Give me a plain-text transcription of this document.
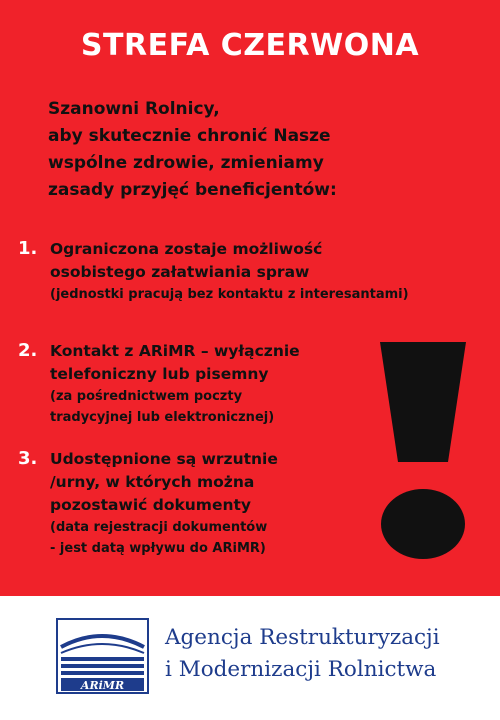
STREFA CZERWONA
Szanowni Rolnicy,
aby skutecznie chronić Nasze
wspólne zdrowie, zmieniamy
zasady przyjęć beneficjentów:
1. Ograniczona zostaje możliwość
osobistego załatwiania spraw
(jednostki pracują bez kontaktu z interesantami)
2. Kontakt z ARiMR – wyłącznie
telefoniczny lub pisemny
(za pośrednictwem poczty
tradycyjnej lub elektronicznej)
3. Udostępnione są wrzutnie
/urny, w których można
pozostawić dokumenty
(data rejestracji dokumentów
- jest datą wpływu do ARiMR)
ARiMR
Agencja Restrukturyzacji
i Modernizacji Rolnictwa
